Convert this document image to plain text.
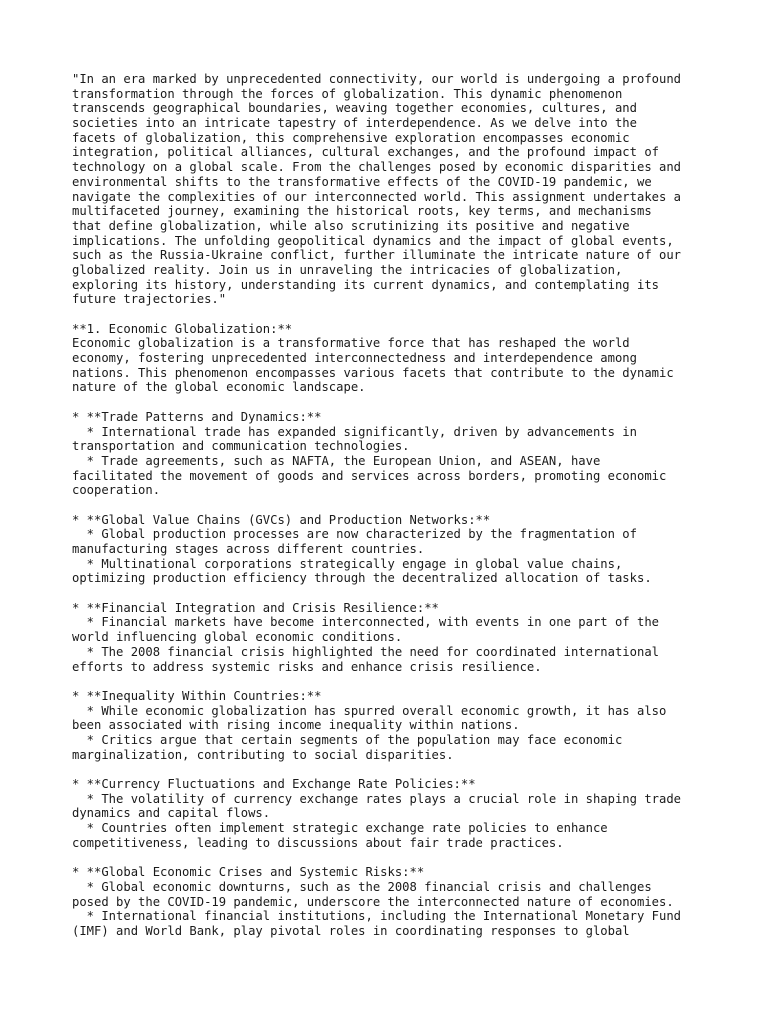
"In an era marked by unprecedented connectivity, our world is undergoing a profound
transformation through the forces of globalization. This dynamic phenomenon
transcends geographical boundaries, weaving together economies, cultures, and
societies into an intricate tapestry of interdependence. As we delve into the
facets of globalization, this comprehensive exploration encompasses economic
integration, political alliances, cultural exchanges, and the profound impact of
technology on a global scale. From the challenges posed by economic disparities and
environmental shifts to the transformative effects of the COVID-19 pandemic, we
navigate the complexities of our interconnected world. This assignment undertakes a
multifaceted journey, examining the historical roots, key terms, and mechanisms
that define globalization, while also scrutinizing its positive and negative
implications. The unfolding geopolitical dynamics and the impact of global events,
such as the Russia-Ukraine conflict, further illuminate the intricate nature of our
globalized reality. Join us in unraveling the intricacies of globalization,
exploring its history, understanding its current dynamics, and contemplating its
future trajectories."
**1. Economic Globalization:**
Economic globalization is a transformative force that has reshaped the world
economy, fostering unprecedented interconnectedness and interdependence among
nations. This phenomenon encompasses various facets that contribute to the dynamic
nature of the global economic landscape.
* **Trade Patterns and Dynamics:**
* International trade has expanded significantly, driven by advancements in
transportation and communication technologies.
* Trade agreements, such as NAFTA, the European Union, and ASEAN, have
facilitated the movement of goods and services across borders, promoting economic
cooperation.
* **Global Value Chains (GVCs) and Production Networks:**
* Global production processes are now characterized by the fragmentation of
manufacturing stages across different countries.
* Multinational corporations strategically engage in global value chains,
optimizing production efficiency through the decentralized allocation of tasks.
* **Financial Integration and Crisis Resilience:**
* Financial markets have become interconnected, with events in one part of the
world influencing global economic conditions.
* The 2008 financial crisis highlighted the need for coordinated international
efforts to address systemic risks and enhance crisis resilience.
* **Inequality Within Countries:**
* While economic globalization has spurred overall economic growth, it has also
been associated with rising income inequality within nations.
* Critics argue that certain segments of the population may face economic
marginalization, contributing to social disparities.
* **Currency Fluctuations and Exchange Rate Policies:**
* The volatility of currency exchange rates plays a crucial role in shaping trade
dynamics and capital flows.
* Countries often implement strategic exchange rate policies to enhance
competitiveness, leading to discussions about fair trade practices.
* **Global Economic Crises and Systemic Risks:**
* Global economic downturns, such as the 2008 financial crisis and challenges
posed by the COVID-19 pandemic, underscore the interconnected nature of economies.
* International financial institutions, including the International Monetary Fund
(IMF) and World Bank, play pivotal roles in coordinating responses to global
